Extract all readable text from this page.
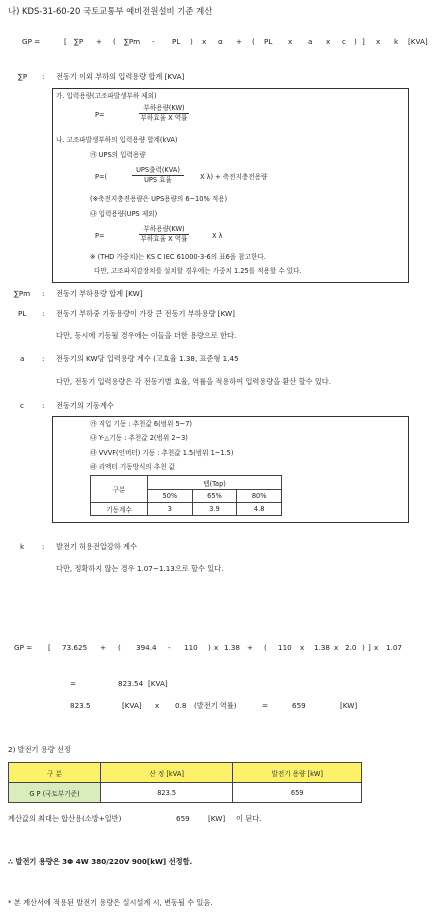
나) KDS-31-60-20 국토교통부 예비전원설비 기준 계산
GP =	[ ∑P + ( ∑Pm - PL ) x α + ( PL x a x c ) ] x k [KVA]
∑P : 전동기 이외 부하의 입력용량 합계 [KVA]
가. 입력용량(고조파발생부하 제외)
P=
부하용량(KW)
부하효율 X 역률
나. 고조파발생부하의 입력용량 합계(kVA)
㉮ UPS의 입력용량
P=(
UPS출력(KVA)
UPS 효율	X λ) + 축전지충전용량
(※축전지충전용량은 UPS용량의 6~10% 적용)
㉯ 입력용량(UPS 제외)
P=
부하용량(KW)
부하효율 X 역률	X λ
※ (THD 가중치)는 KS C IEC 61000-3-6의 표6을 참고한다.
다만, 고조파저감장치를 설치할 경우에는 가중치 1.25를 적용할 수 있다.
∑Pm : 전동기 부하용량 합계 [KW]
PL : 전동기 부하중 기동용량이 가장 큰 전동기 부하용량 [KW]
다만, 동시에 기동될 경우에는 이들을 더한 용량으로 한다.
a : 전동기의 KW당 입력용량 계수 (고효율 1.38, 표준형 1.45
다만, 전동기 입력용량은 각 전동기별 효율, 역률을 적용하여 입력용량을 환산 할수 있다.
c	: 전동기의 기동계수
㉮ 직입 기동 : 추천값 6(범위 5~7)
㉯ Y-△기동 : 추천값 2(범위 2~3)
㉰ VVVF(인버터) 기동 : 추천값 1.5(범위 1~1.5)
㉱ 리액터 기동방식의 추천 값
구분	탭(Tap)		
	50%	65%	80%
기동계수	3	3.9	4.8
k : 발전기 허용전압강하 계수
다만, 정확하지 않는 경우 1.07~1.13으로 할수 있다.
GP = [ 73.625 + ( 394.4 - 110 ) x 1.38 + ( 110 x 1.38 x 2.0 ) ] x 1.07
=	823.54 [KVA]
823.5	[KVA] x 0.8 (발전기 역률)	=	659	[KW]
2) 발전기 용량 선정
구 분	산 정 [kVA]	발전기 용량 [kW]
G P (국토부기준)	823.5	659
계산값의 최대는 합산용(소방+일반)	659	[KW] 이 된다.
∴ 발전기 용량은 3Φ 4W 380/220V 900[kW] 선정함.
* 본 계산서에 적용된 발전기 용량은 실시설계 시, 변동될 수 있음.
